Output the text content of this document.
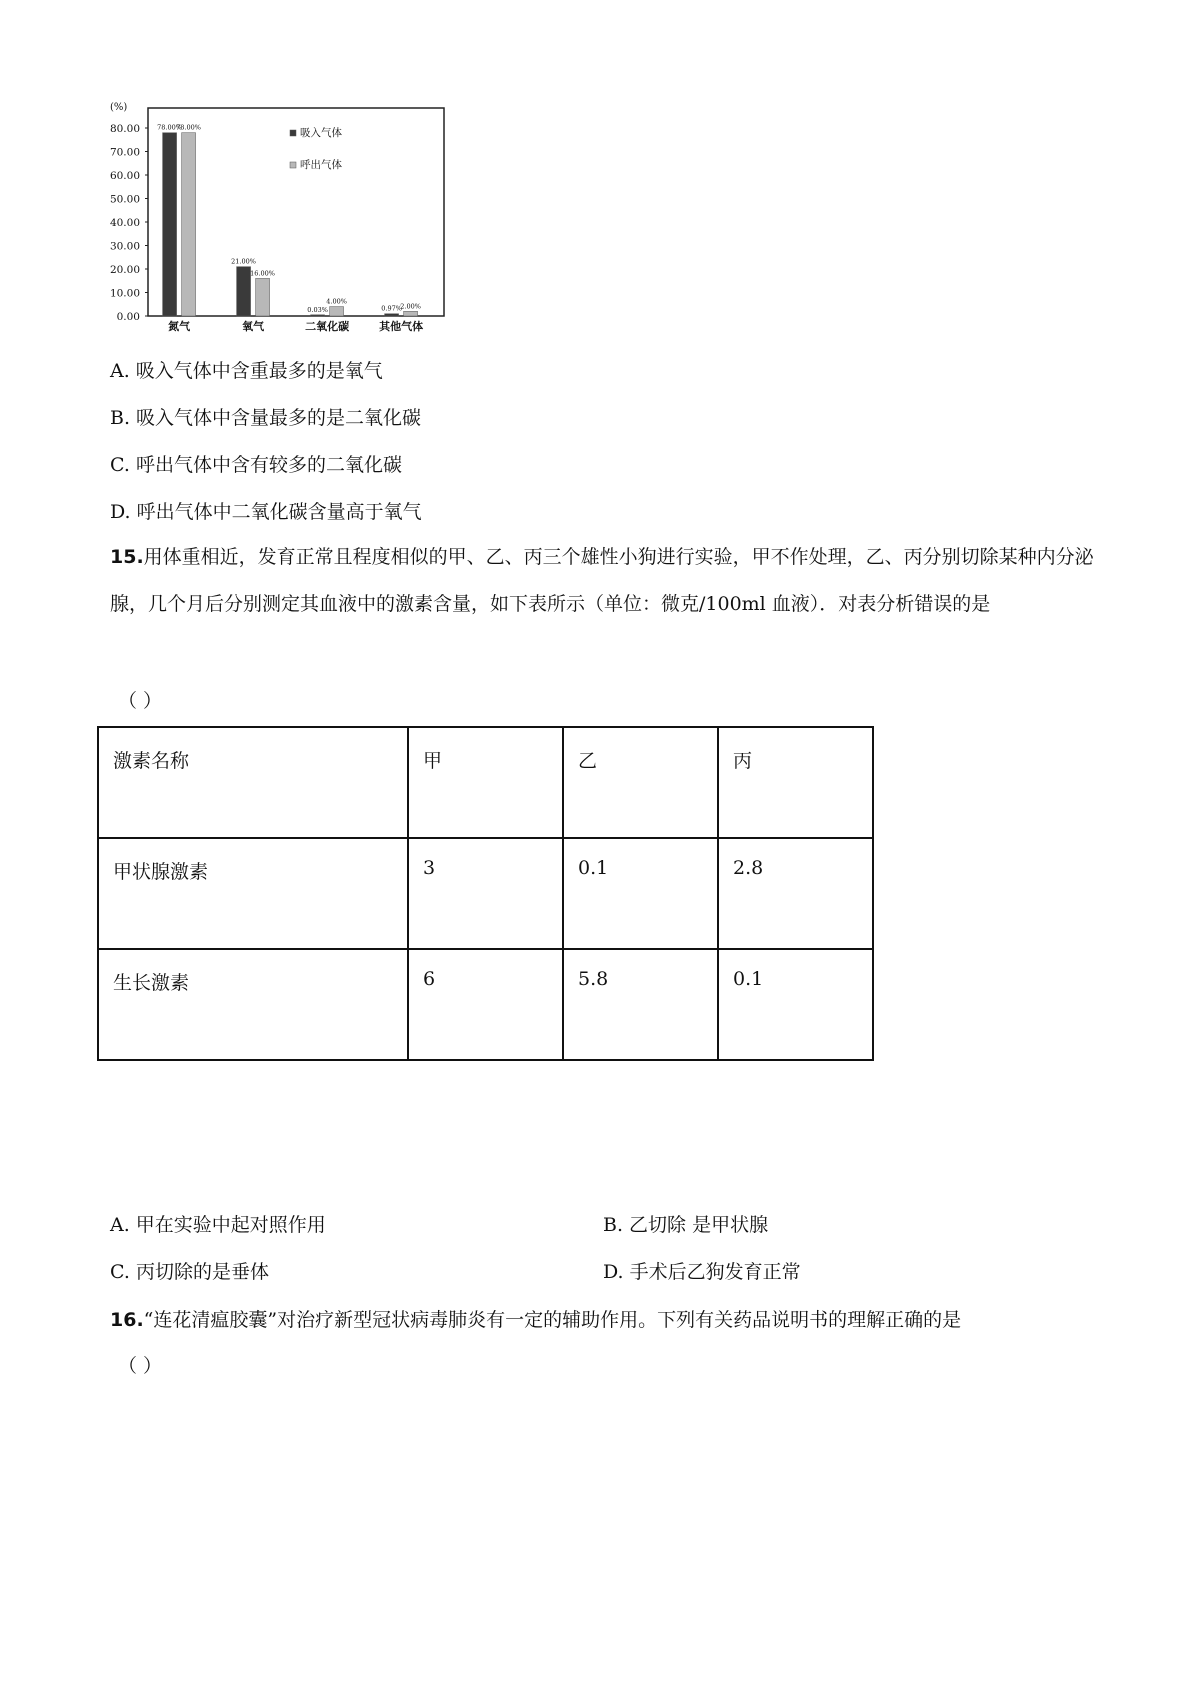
(%)
80.00
70.00
60.00
50.00
40.00
30.00
20.00
10.00
0.00
78.00%
78.00%
氮气
21.00%
16.00%
氧气
0.03%
4.00%
二氧化碳
0.97%
2.00%
其他气体
吸入气体
呼出气体
A. 吸入气体中含重最多的是氧气
B. 吸入气体中含量最多的是二氧化碳
C. 呼出气体中含有较多的二氧化碳
D. 呼出气体中二氧化碳含量高于氧气
15.用体重相近，发育正常且程度相似的甲、乙、丙三个雄性小狗进行实验，甲不作处理，乙、丙分别切除某种内分泌腺，几个月后分别测定其血液中的激素含量，如下表所示（单位：微克/100ml 血液）．对表分析错误的是
（ ）
激素名称	甲	乙	丙
甲状腺激素	3	0.1	2.8
生长激素	6	5.8	0.1
A. 甲在实验中起对照作用	B. 乙切除 是甲状腺
C. 丙切除的是垂体	D. 手术后乙狗发育正常
16.“连花清瘟胶囊”对治疗新型冠状病毒肺炎有一定的辅助作用。下列有关药品说明书的理解正确的是
（ ）
